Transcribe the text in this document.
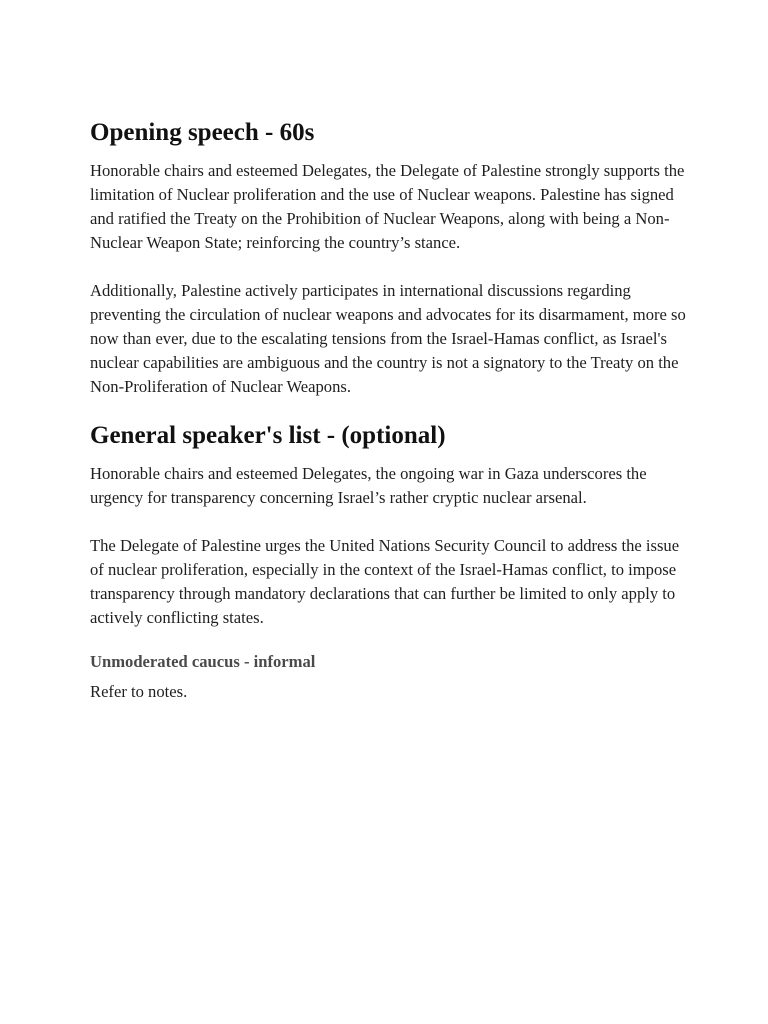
Opening speech - 60s

Honorable chairs and esteemed Delegates, the Delegate of Palestine strongly supports the limitation of Nuclear proliferation and the use of Nuclear weapons. Palestine has signed and ratified the Treaty on the Prohibition of Nuclear Weapons, along with being a Non-Nuclear Weapon State; reinforcing the country’s stance.

Additionally, Palestine actively participates in international discussions regarding preventing the circulation of nuclear weapons and advocates for its disarmament, more so now than ever, due to the escalating tensions from the Israel-Hamas conflict, as Israel's nuclear capabilities are ambiguous and the country is not a signatory to the Treaty on the Non-Proliferation of Nuclear Weapons.

General speaker's list - (optional)

Honorable chairs and esteemed Delegates, the ongoing war in Gaza underscores the urgency for transparency concerning Israel’s rather cryptic nuclear arsenal.

The Delegate of Palestine urges the United Nations Security Council to address the issue of nuclear proliferation, especially in the context of the Israel-Hamas conflict, to impose transparency through mandatory declarations that can further be limited to only apply to actively conflicting states.

Unmoderated caucus - informal

Refer to notes.
